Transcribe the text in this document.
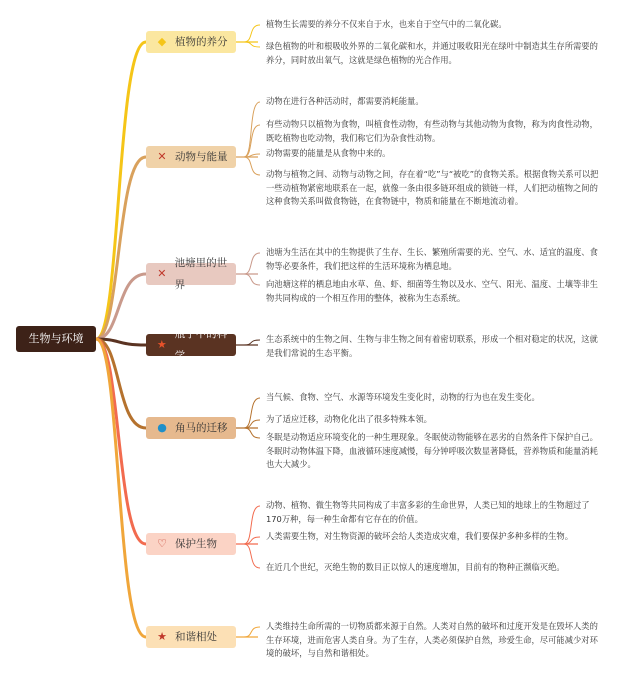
生物与环境
◆ 植物的养分
植物生长需要的养分不仅来自于水，也来自于空气中的二氧化碳。
绿色植物的叶和根吸收外界的二氧化碳和水，并通过吸收阳光在绿叶中制造其生存所需要的养分，同时放出氧气，这就是绿色植物的光合作用。
✕ 动物与能量
动物在进行各种活动时，都需要消耗能量。
有些动物只以植物为食物，叫植食性动物，有些动物与其他动物为食物，称为肉食性动物，既吃植物也吃动物，我们称它们为杂食性动物。
动物需要的能量是从食物中来的。
动物与植物之间、动物与动物之间，存在着“吃”与“被吃”的食物关系。根据食物关系可以把一些动植物紧密地联系在一起，就像一条由很多链环组成的锁链一样，人们把动植物之间的这种食物关系叫做食物链，在食物链中，物质和能量在不断地流动着。
✕
池塘里的世界
池塘为生活在其中的生物提供了生存、生长、繁殖所需要的光、空气、水、适宜的温度、食物等必要条件，我们把这样的生活环境称为栖息地。
向池塘这样的栖息地由水草、鱼、虾、细菌等生物以及水、空气、阳光、温度、土壤等非生物共同构成的一个相互作用的整体，被称为生态系统。
★
瓶子中的科学
生态系统中的生物之间、生物与非生物之间有着密切联系，形成一个相对稳定的状况，这就是我们常说的生态平衡。
● 角马的迁移
当气候、食物、空气、水源等环境发生变化时，动物的行为也在发生变化。
为了适应迁移，动物化化出了很多特殊本领。
冬眠是动物适应环境变化的一种生理现象。冬眠使动物能够在恶劣的自然条件下保护自己。冬眠时动物体温下降，血液循环速度减慢，每分钟呼吸次数显著降低，营养物质和能量消耗也大大减少。
♡ 保护生物
动物、植物、微生物等共同构成了丰富多彩的生命世界，人类已知的地球上的生物超过了170万种，每一种生命都有它存在的价值。
人类需要生物，对生物资源的破坏会给人类造成灾难，我们要保护多种多样的生物。
在近几个世纪，灭绝生物的数目正以惊人的速度增加，目前有的物种正濒临灭绝。
★ 和谐相处
人类维持生命所需的一切物质都来源于自然。人类对自然的破坏和过度开发是在毁坏人类的生存环境，进而危害人类自身。为了生存，人类必须保护自然，珍爱生命，尽可能减少对环境的破坏，与自然和谐相处。
